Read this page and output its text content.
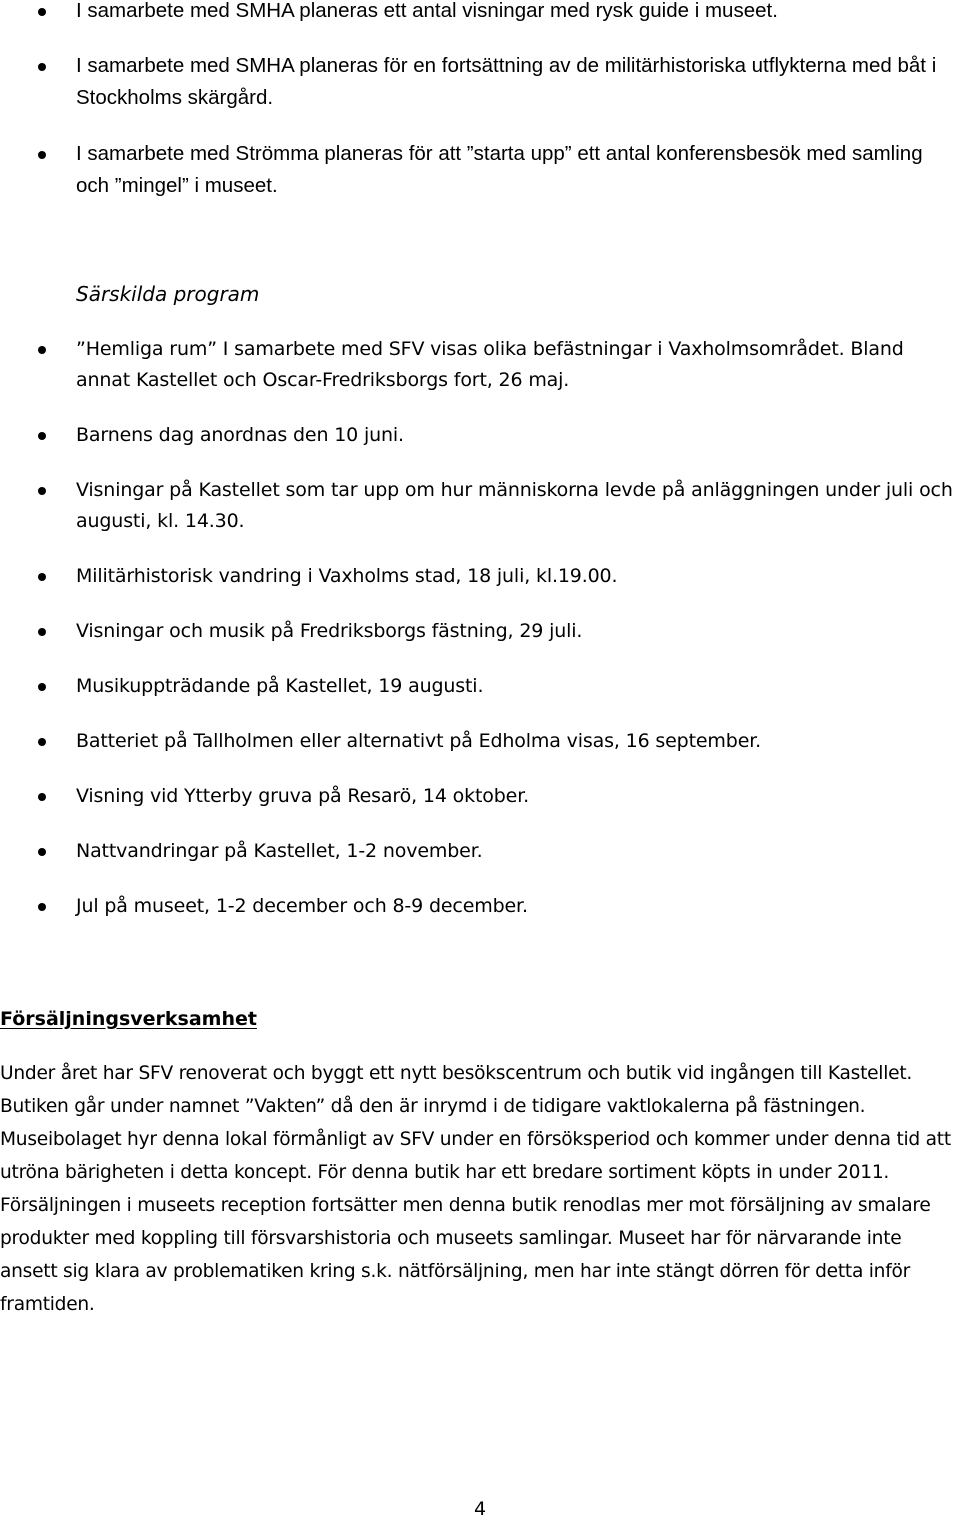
I samarbete med SMHA planeras ett antal visningar med rysk guide i museet.
I samarbete med SMHA planeras för en fortsättning av de militärhistoriska utflykterna med båt i Stockholms skärgård.
I samarbete med Strömma planeras för att ”starta upp” ett antal konferensbesök med samling och ”mingel” i museet.
Särskilda program
”Hemliga rum” I samarbete med SFV visas olika befästningar i Vaxholmsområdet. Bland annat Kastellet och Oscar-Fredriksborgs fort, 26 maj.
Barnens dag anordnas den 10 juni.
Visningar på Kastellet som tar upp om hur människorna levde på anläggningen under juli och augusti, kl. 14.30.
Militärhistorisk vandring i Vaxholms stad, 18 juli, kl.19.00.
Visningar och musik på Fredriksborgs fästning, 29 juli.
Musikuppträdande på Kastellet, 19 augusti.
Batteriet på Tallholmen eller alternativt på Edholma visas, 16 september.
Visning vid Ytterby gruva på Resarö, 14 oktober.
Nattvandringar på Kastellet, 1-2 november.
Jul på museet, 1-2 december och 8-9 december.
Försäljningsverksamhet

Under året har SFV renoverat och byggt ett nytt besökscentrum och butik vid ingången till Kastellet. Butiken går under namnet ”Vakten” då den är inrymd i de tidigare vaktlokalerna på fästningen. Museibolaget hyr denna lokal förmånligt av SFV under en försöksperiod och kommer under denna tid att utröna bärigheten i detta koncept. För denna butik har ett bredare sortiment köpts in under 2011. Försäljningen i museets reception fortsätter men denna butik renodlas mer mot försäljning av smalare produkter med koppling till försvarshistoria och museets samlingar. Museet har för närvarande inte ansett sig klara av problematiken kring s.k. nätförsäljning, men har inte stängt dörren för detta inför framtiden.

4
